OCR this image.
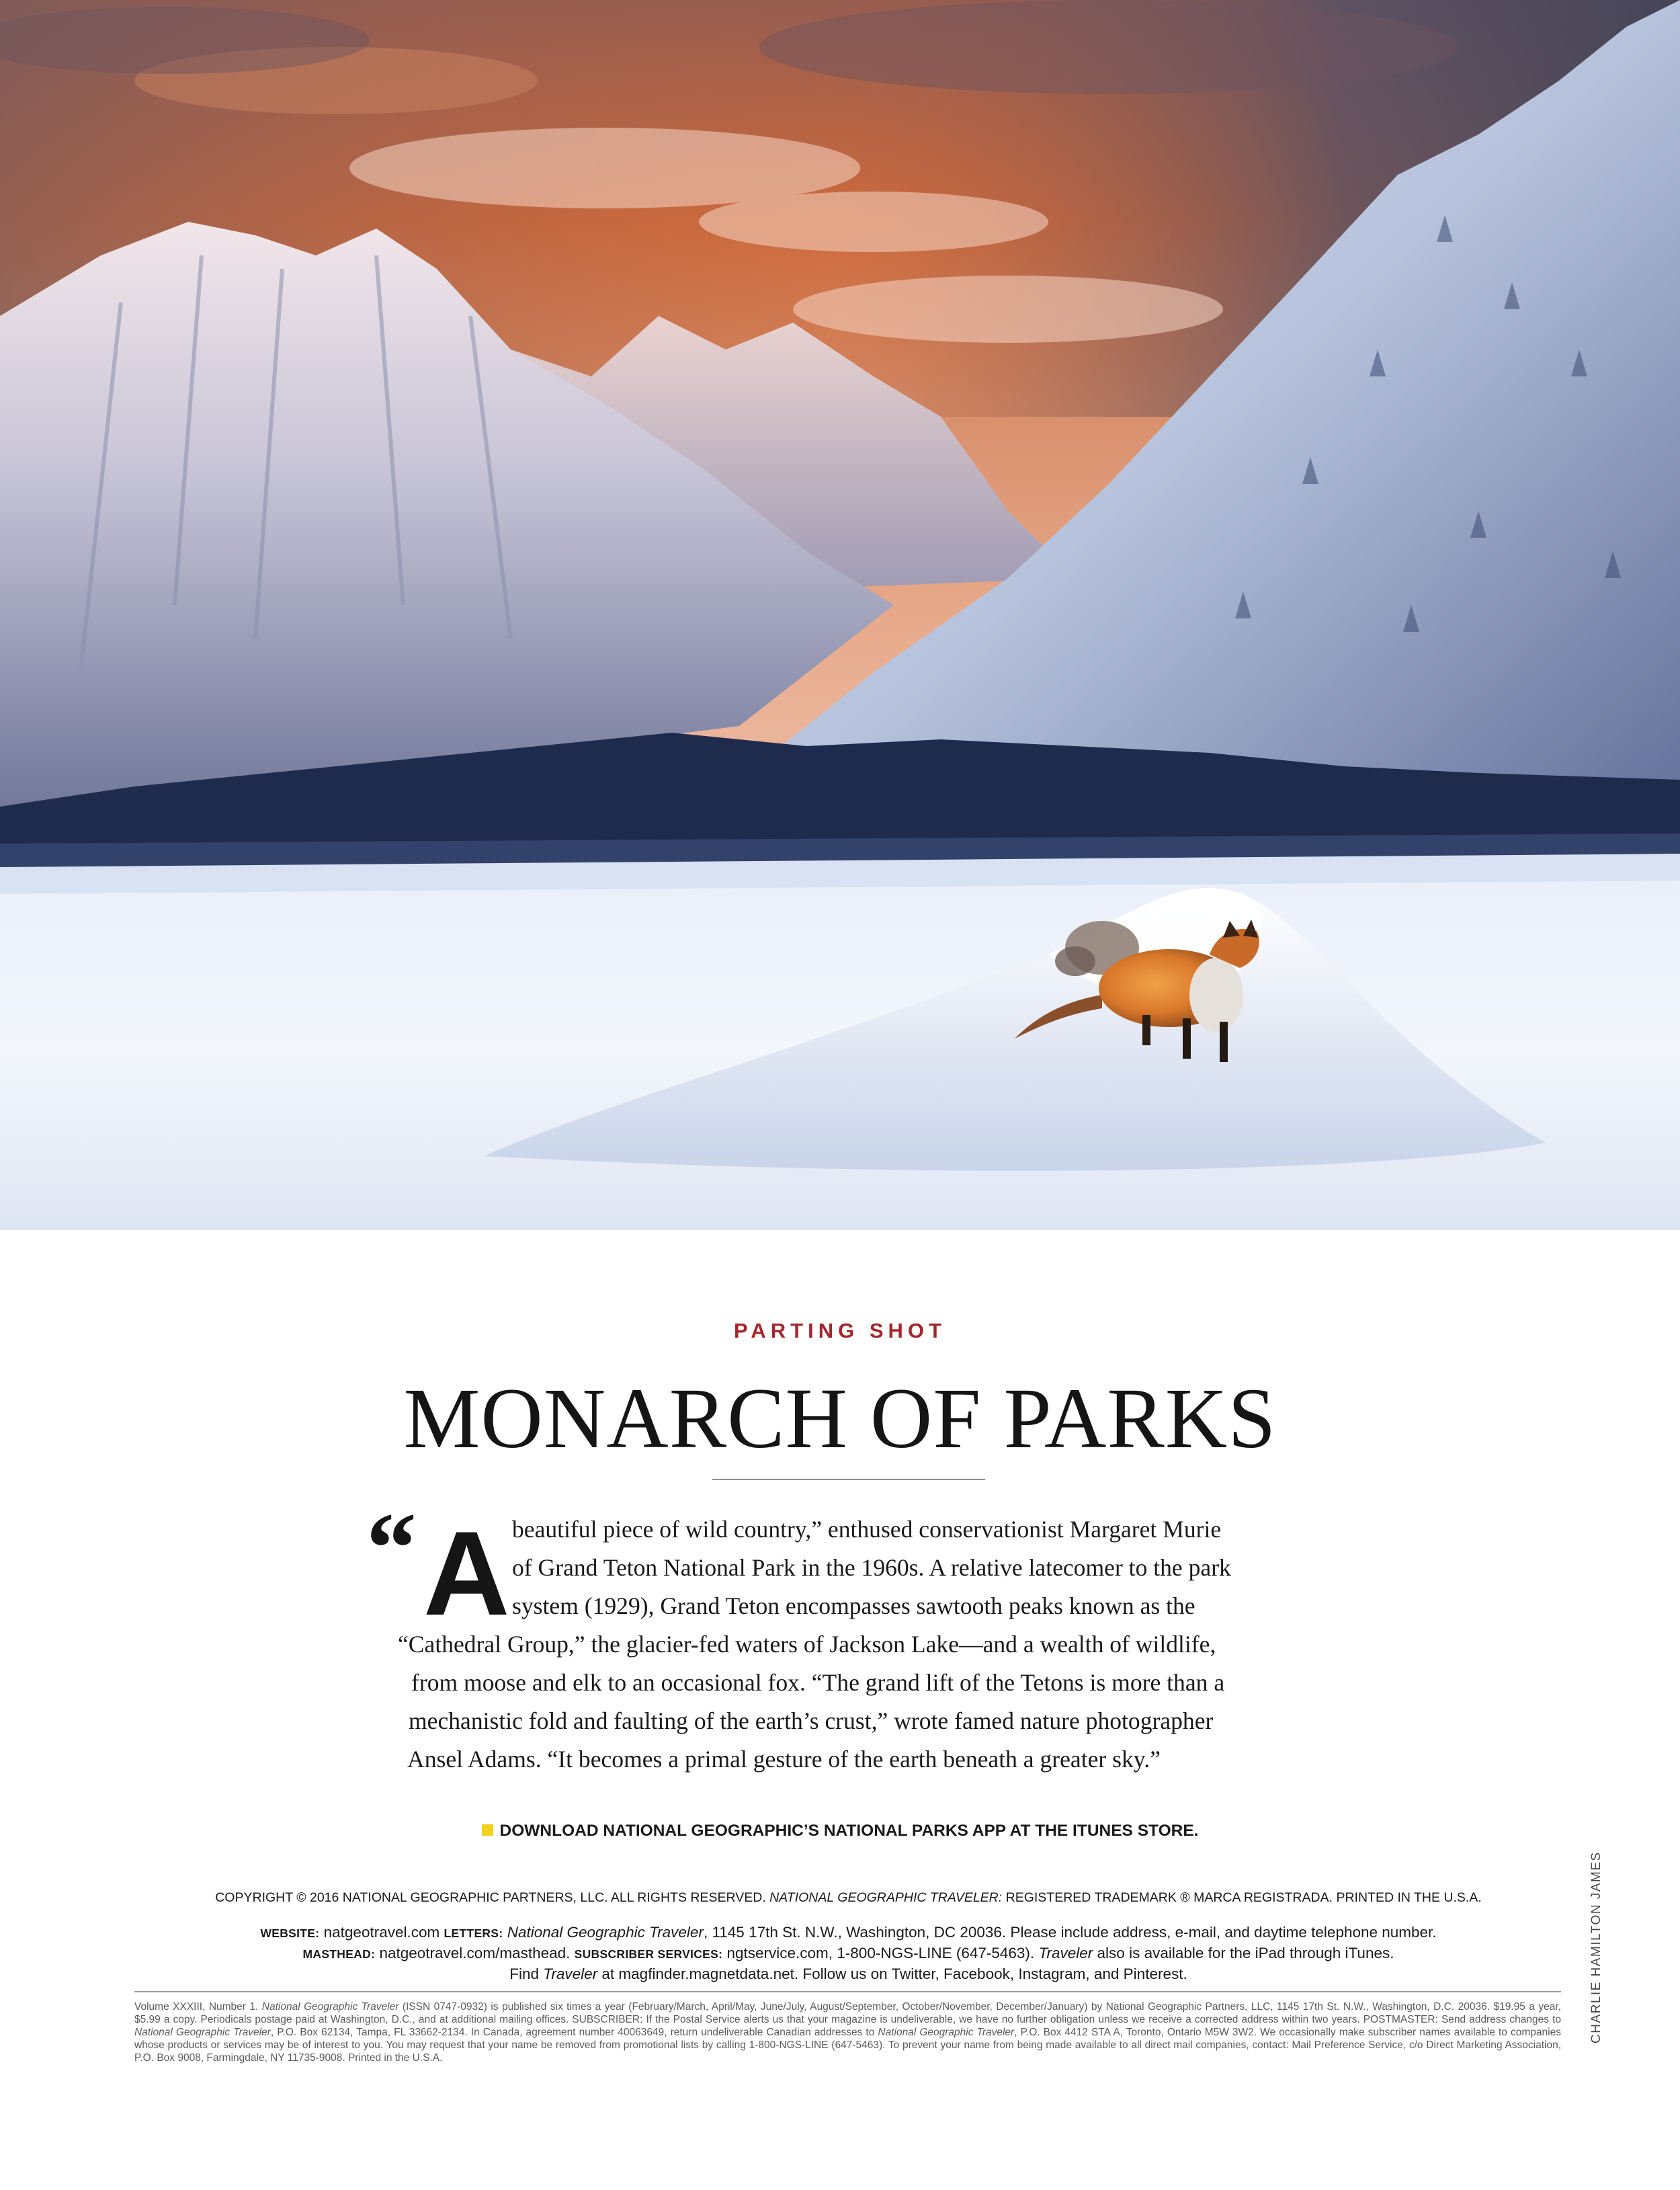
PARTING SHOT
MONARCH OF PARKS
“ A beautiful piece of wild country,” enthused conservationist Margaret Murie
of Grand Teton National Park in the 1960s. A relative latecomer to the park
system (1929), Grand Teton encompasses sawtooth peaks known as the
“Cathedral Group,” the glacier-fed waters of Jackson Lake—and a wealth of wildlife,
from moose and elk to an occasional fox. “The grand lift of the Tetons is more than a
mechanistic fold and faulting of the earth’s crust,” wrote famed nature photographer
Ansel Adams. “It becomes a primal gesture of the earth beneath a greater sky.”
DOWNLOAD NATIONAL GEOGRAPHIC’S NATIONAL PARKS APP AT THE ITUNES STORE.
COPYRIGHT © 2016 NATIONAL GEOGRAPHIC PARTNERS, LLC. ALL RIGHTS RESERVED. NATIONAL GEOGRAPHIC TRAVELER: REGISTERED TRADEMARK ® MARCA REGISTRADA. PRINTED IN THE U.S.A.
WEBSITE: natgeotravel.com LETTERS: National Geographic Traveler, 1145 17th St. N.W., Washington, DC 20036. Please include address, e-mail, and daytime telephone number.
MASTHEAD: natgeotravel.com/masthead. SUBSCRIBER SERVICES: ngtservice.com, 1-800-NGS-LINE (647-5463). Traveler also is available for the iPad through iTunes.
Find Traveler at magfinder.magnetdata.net. Follow us on Twitter, Facebook, Instagram, and Pinterest.
Volume XXXIII, Number 1. National Geographic Traveler (ISSN 0747-0932) is published six times a year (February/March, April/May, June/July, August/September, October/November, December/January) by National Geographic Partners, LLC, 1145 17th St. N.W., Washington, D.C. 20036. $19.95 a year, $5.99 a copy. Periodicals postage paid at Washington, D.C., and at additional mailing offices. SUBSCRIBER: If the Postal Service alerts us that your magazine is undeliverable, we have no further obligation unless we receive a corrected address within two years. POSTMASTER: Send address changes to National Geographic Traveler, P.O. Box 62134, Tampa, FL 33662-2134. In Canada, agreement number 40063649, return undeliverable Canadian addresses to National Geographic Traveler, P.O. Box 4412 STA A, Toronto, Ontario M5W 3W2. We occasionally make subscriber names available to companies whose products or services may be of interest to you. You may request that your name be removed from promotional lists by calling 1-800-NGS-LINE (647-5463). To prevent your name from being made available to all direct mail companies, contact: Mail Preference Service, c/o Direct Marketing Association, P.O. Box 9008, Farmingdale, NY 11735-9008. Printed in the U.S.A.
CHARLIE HAMILTON JAMES
